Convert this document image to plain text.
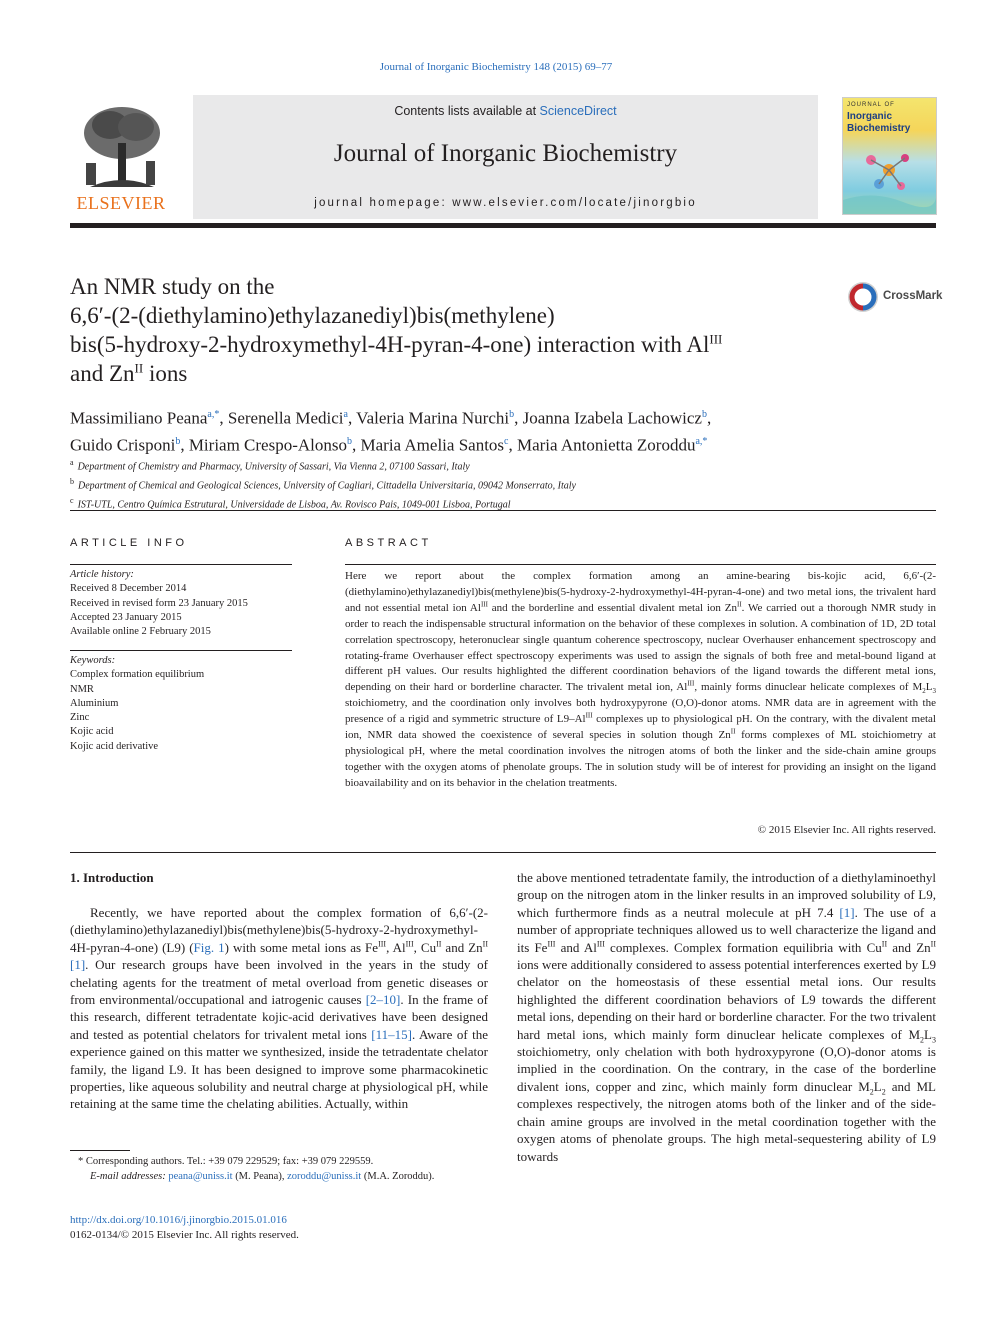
Journal of Inorganic Biochemistry 148 (2015) 69–77
ELSEVIER
Contents lists available at ScienceDirect
Journal of Inorganic Biochemistry
journal homepage: www.elsevier.com/locate/jinorgbio
JOURNAL OF
Inorganic
Biochemistry
An NMR study on the
6,6′-(2-(diethylamino)ethylazanediyl)bis(methylene)
bis(5-hydroxy-2-hydroxymethyl-4H-pyran-4-one) interaction with $Al^{III}$
and $Zn^{II}$ ions
CrossMark
Massimiliano Peana$^{a,*}$, Serenella Medici$^a$, Valeria Marina Nurchi$^b$, Joanna Izabela Lachowicz$^b$,
Guido Crisponi$^b$, Miriam Crespo-Alonso$^b$, Maria Amelia Santos$^c$, Maria Antonietta Zoroddu$^{a,*}$
$^a$ Department of Chemistry and Pharmacy, University of Sassari, Via Vienna 2, 07100 Sassari, Italy
$^b$ Department of Chemical and Geological Sciences, University of Cagliari, Cittadella Universitaria, 09042 Monserrato, Italy
$^c$ IST-UTL, Centro Química Estrutural, Universidade de Lisboa, Av. Rovisco Pais, 1049-001 Lisboa, Portugal
ARTICLE INFO
Article history:
Received 8 December 2014
Received in revised form 23 January 2015
Accepted 23 January 2015
Available online 2 February 2015
Keywords:
Complex formation equilibrium
NMR
Aluminium
Zinc
Kojic acid
Kojic acid derivative
ABSTRACT
Here we report about the complex formation among an amine-bearing bis-kojic acid, 6,6′-(2-(diethylamino)ethylazanediyl)bis(methylene)bis(5-hydroxy-2-hydroxymethyl-4H-pyran-4-one) and two metal ions, the trivalent hard and not essential metal ion $Al^{III}$ and the borderline and essential divalent metal ion $Zn^{II}$. We carried out a thorough NMR study in order to reach the indispensable structural information on the behavior of these complexes in solution. A combination of 1D, 2D total correlation spectroscopy, heteronuclear single quantum coherence spectroscopy, nuclear Overhauser enhancement spectroscopy and rotating-frame Overhauser effect spectroscopy experiments was used to assign the signals of both free and metal-bound ligand at different pH values. Our results highlighted the different coordination behaviors of the ligand towards the different metal ions, depending on their hard or borderline character. The trivalent metal ion, $Al^{III}$, mainly forms dinuclear helicate complexes of $M_2L_3$ stoichiometry, and the coordination only involves both hydroxypyrone (O,O)-donor atoms. NMR data are in agreement with the presence of a rigid and symmetric structure of $L9-Al^{III}$ complexes up to physiological pH. On the contrary, with the divalent metal ion, NMR data showed the coexistence of several species in solution though $Zn^{II}$ forms complexes of ML stoichiometry at physiological pH, where the metal coordination involves the nitrogen atoms of both the linker and the side-chain amine groups together with the oxygen atoms of phenolate groups. The in solution study will be of interest for providing an insight on the ligand bioavailability and on its behavior in the chelation treatments.
© 2015 Elsevier Inc. All rights reserved.
1. Introduction

Recently, we have reported about the complex formation of 6,6′-(2-(diethylamino)ethylazanediyl)bis(methylene)bis(5-hydroxy-2-hydroxymethyl-4H-pyran-4-one) (L9) (Fig. 1) with some metal ions as $Fe^{III}$, $Al^{III}$, $Cu^{II}$ and $Zn^{II}$ [1]. Our research groups have been involved in the years in the study of chelating agents for the treatment of metal overload from genetic diseases or from environmental/occupational and iatrogenic causes [2–10]. In the frame of this research, different tetradentate kojic-acid derivatives have been designed and tested as potential chelators for trivalent metal ions [11–15]. Aware of the experience gained on this matter we synthesized, inside the tetradentate chelator family, the ligand L9. It has been designed to improve some pharmacokinetic properties, like aqueous solubility and neutral charge at physiological pH, while retaining at the same time the chelating abilities. Actually, within

the above mentioned tetradentate family, the introduction of a diethylaminoethyl group on the nitrogen atom in the linker results in an improved solubility of L9, which furthermore finds as a neutral molecule at pH 7.4 [1]. The use of a number of appropriate techniques allowed us to well characterize the ligand and its $Fe^{III}$ and $Al^{III}$ complexes. Complex formation equilibria with $Cu^{II}$ and $Zn^{II}$ ions were additionally considered to assess potential interferences exerted by L9 chelator on the homeostasis of these essential metal ions. Our results highlighted the different coordination behaviors of L9 towards the different metal ions, depending on their hard or borderline character. For the two trivalent hard metal ions, which mainly form dinuclear helicate complexes of $M_2L_3$ stoichiometry, only chelation with both hydroxypyrone (O,O)-donor atoms is implied in the coordination. On the contrary, in the case of the borderline divalent ions, copper and zinc, which mainly form dinuclear $M_2L_2$ and ML complexes respectively, the nitrogen atoms both of the linker and of the side-chain amine groups are involved in the metal coordination together with the oxygen atoms of phenolate groups. The high metal-sequestering ability of L9 towards

* Corresponding authors. Tel.: +39 079 229529; fax: +39 079 229559.
E-mail addresses: peana@uniss.it (M. Peana), zoroddu@uniss.it (M.A. Zoroddu).
http://dx.doi.org/10.1016/j.jinorgbio.2015.01.016
0162-0134/© 2015 Elsevier Inc. All rights reserved.
